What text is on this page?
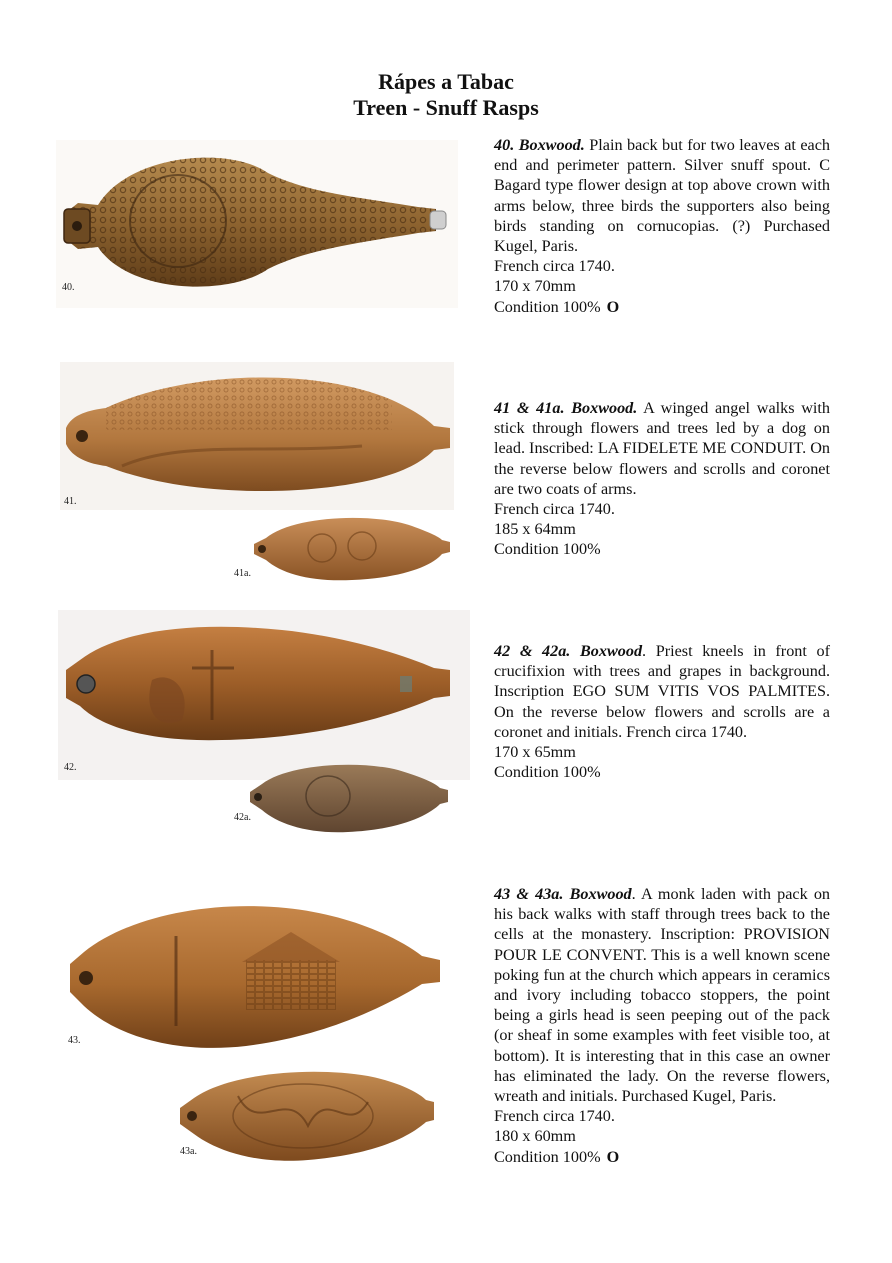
Rápes a Tabac
Treen - Snuff Rasps
40.
41.
41a.
42.
42a.
43.
43a.

40. Boxwood. Plain back but for two leaves at each end and perimeter pattern. Silver snuff spout. C Bagard type flower design at top above crown with arms below, three birds the supporters also being birds standing on cornucopias. (?) Purchased Kugel, Paris.

French circa 1740.

170 x 70mm

Condition 100% O

41 & 41a. Boxwood. A winged angel walks with stick through flowers and trees led by a dog on lead. Inscribed: LA FIDELETE ME CONDUIT. On the reverse below flowers and scrolls and coronet are two coats of arms.

French circa 1740.

185 x 64mm

Condition 100%

42 & 42a. Boxwood. Priest kneels in front of crucifixion with trees and grapes in background. Inscription EGO SUM VITIS VOS PALMITES. On the reverse below flowers and scrolls are a coronet and initials. French circa 1740.

170 x 65mm

Condition 100%

43 & 43a. Boxwood. A monk laden with pack on his back walks with staff through trees back to the cells at the monastery. Inscription: PROVISION POUR LE CONVENT. This is a well known scene poking fun at the church which appears in ceramics and ivory including tobacco stoppers, the point being a girls head is seen peeping out of the pack (or sheaf in some examples with feet visible too, at bottom). It is interesting that in this case an owner has eliminated the lady. On the reverse flowers, wreath and initials. Purchased Kugel, Paris.

French circa 1740.

180 x 60mm

Condition 100% O
